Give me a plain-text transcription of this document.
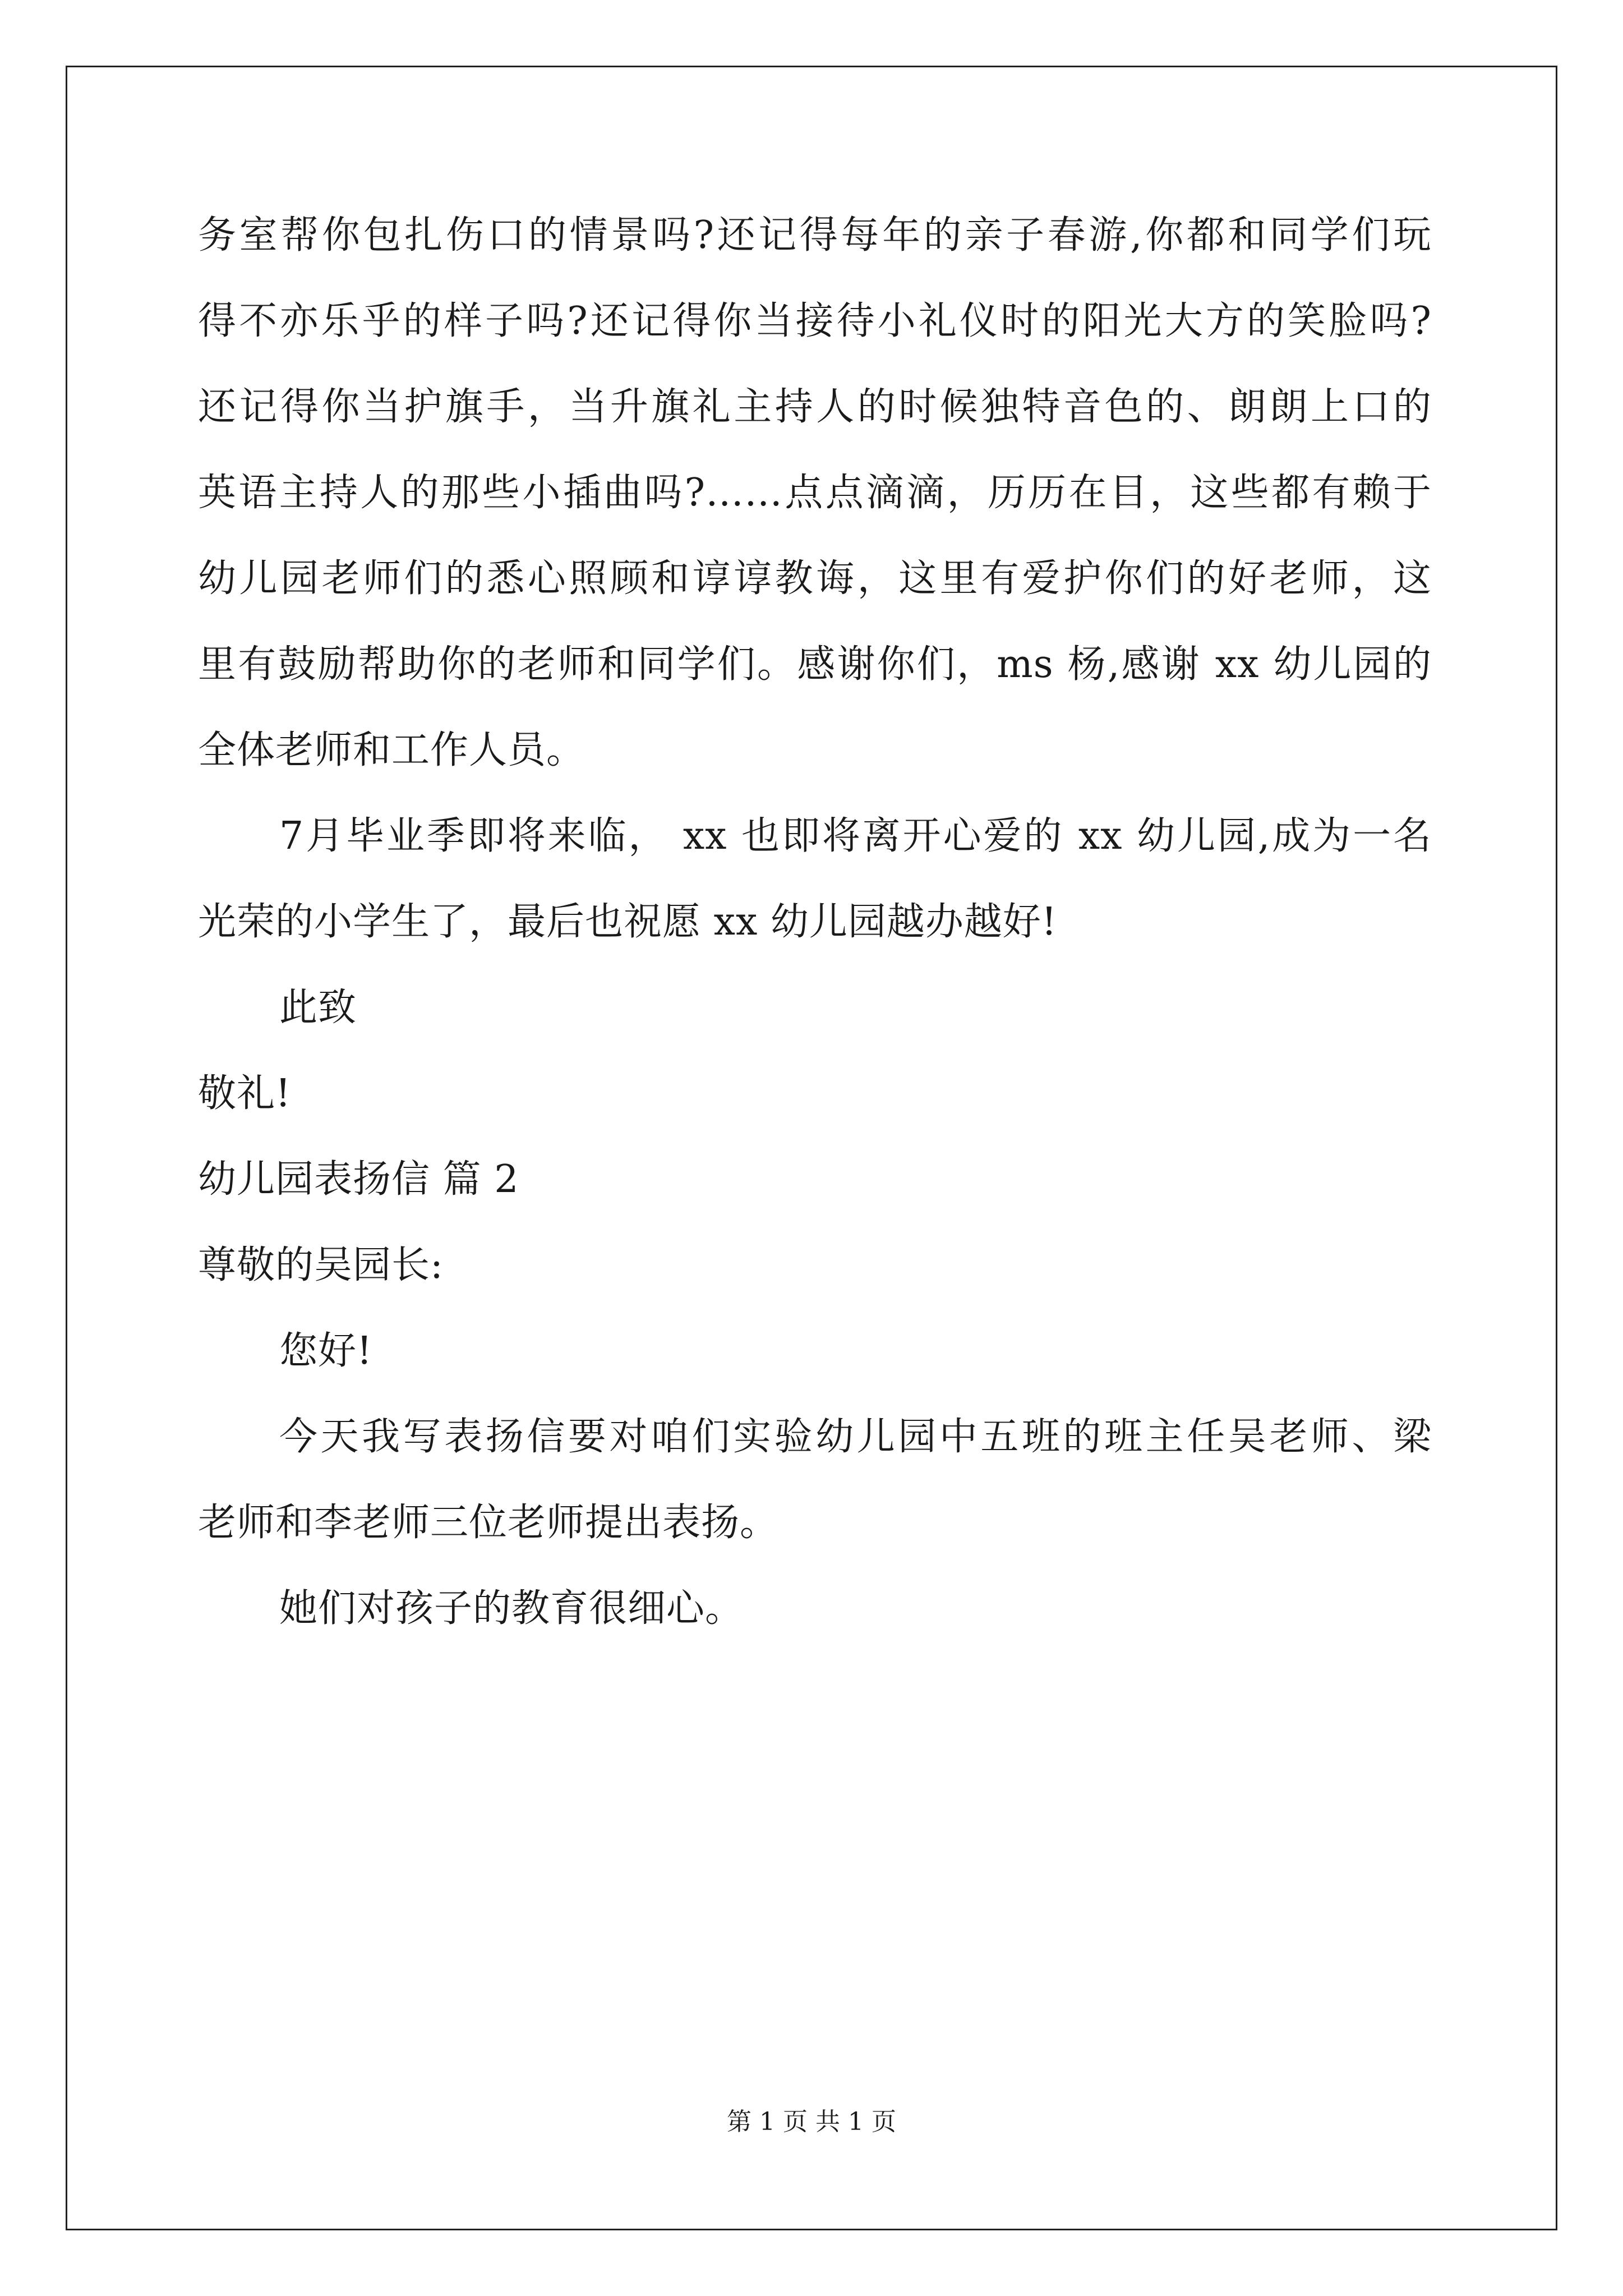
务室帮你包扎伤口的情景吗?还记得每年的亲子春游,你都和同学们玩

得不亦乐乎的样子吗?还记得你当接待小礼仪时的阳光大方的笑脸吗?

还记得你当护旗手，当升旗礼主持人的时候独特音色的、朗朗上口的

英语主持人的那些小插曲吗?……点点滴滴，历历在目，这些都有赖于

幼儿园老师们的悉心照顾和谆谆教诲，这里有爱护你们的好老师，这

里有鼓励帮助你的老师和同学们。感谢你们，ms 杨,感谢 xx 幼儿园的

全体老师和工作人员。

7月毕业季即将来临， xx 也即将离开心爱的 xx 幼儿园,成为一名

光荣的小学生了，最后也祝愿 xx 幼儿园越办越好!

此致

敬礼!

幼儿园表扬信 篇 2

尊敬的吴园长:

您好!

今天我写表扬信要对咱们实验幼儿园中五班的班主任吴老师、梁

老师和李老师三位老师提出表扬。

她们对孩子的教育很细心。

第 1 页 共 1 页
